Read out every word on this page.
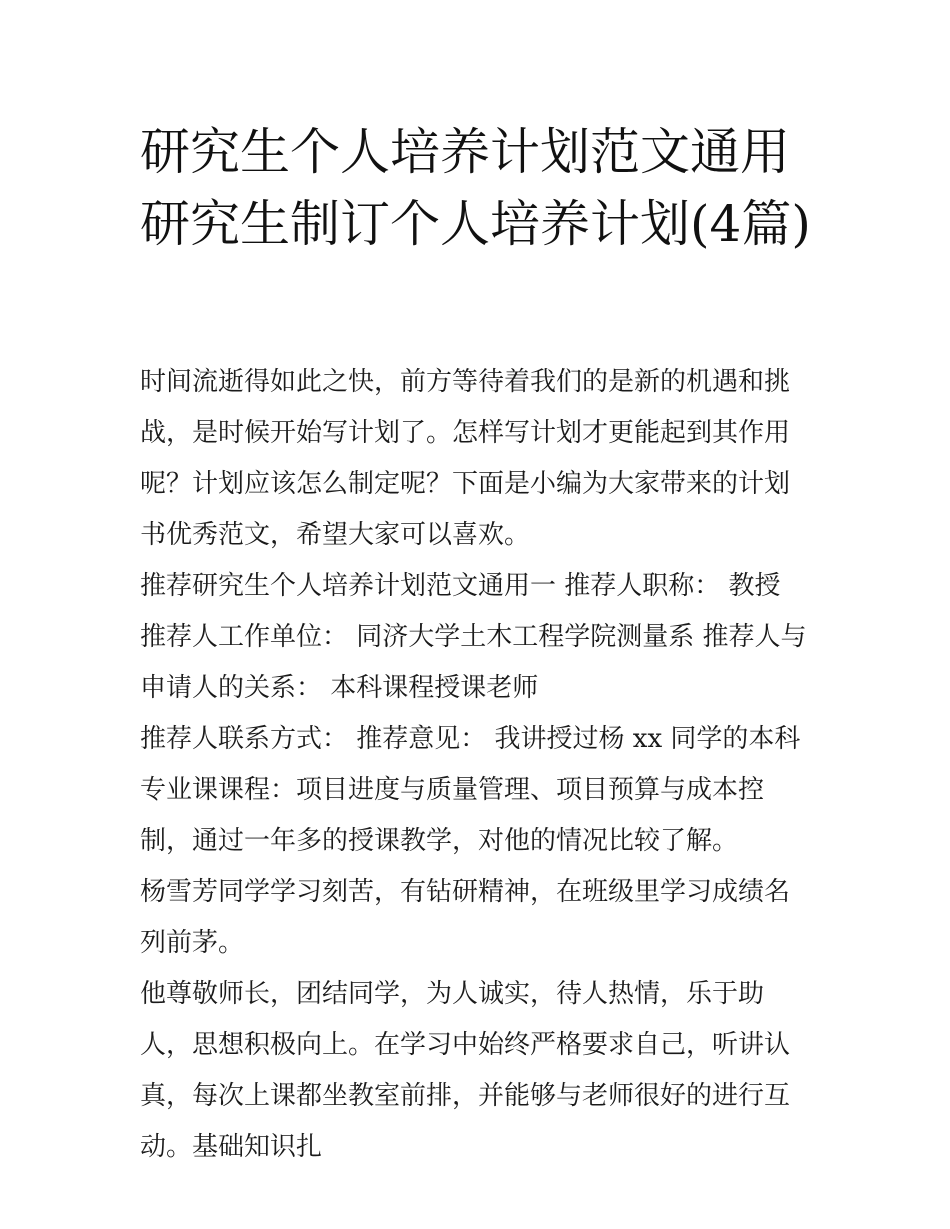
研究生个人培养计划范文通用研究生制订个人培养计划(4篇)

时间流逝得如此之快，前方等待着我们的是新的机遇和挑战，是时候开始写计划了。怎样写计划才更能起到其作用呢？计划应该怎么制定呢？下面是小编为大家带来的计划书优秀范文，希望大家可以喜欢。

推荐研究生个人培养计划范文通用一 推荐人职称： 教授 推荐人工作单位： 同济大学土木工程学院测量系 推荐人与申请人的关系： 本科课程授课老师

推荐人联系方式： 推荐意见： 我讲授过杨 xx 同学的本科专业课课程：项目进度与质量管理、项目预算与成本控制，通过一年多的授课教学，对他的情况比较了解。

杨雪芳同学学习刻苦，有钻研精神，在班级里学习成绩名列前茅。

他尊敬师长，团结同学，为人诚实，待人热情，乐于助人，思想积极向上。在学习中始终严格要求自己，听讲认真，每次上课都坐教室前排，并能够与老师很好的进行互动。基础知识扎
